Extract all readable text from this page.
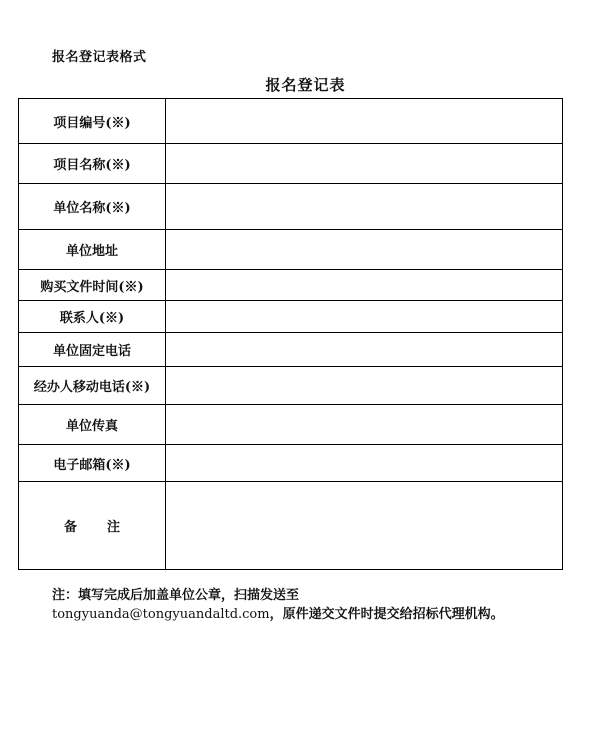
报名登记表格式
报名登记表
项目编号(※)	
项目名称(※)	
单位名称(※)	
单位地址	
购买文件时间(※)	
联系人(※)	
单位固定电话	
经办人移动电话(※)	
单位传真	
电子邮箱(※)	
备 注	
注：填写完成后加盖单位公章，扫描发送至
tongyuanda@tongyuandaltd.com，原件递交文件时提交给招标代理机构。
